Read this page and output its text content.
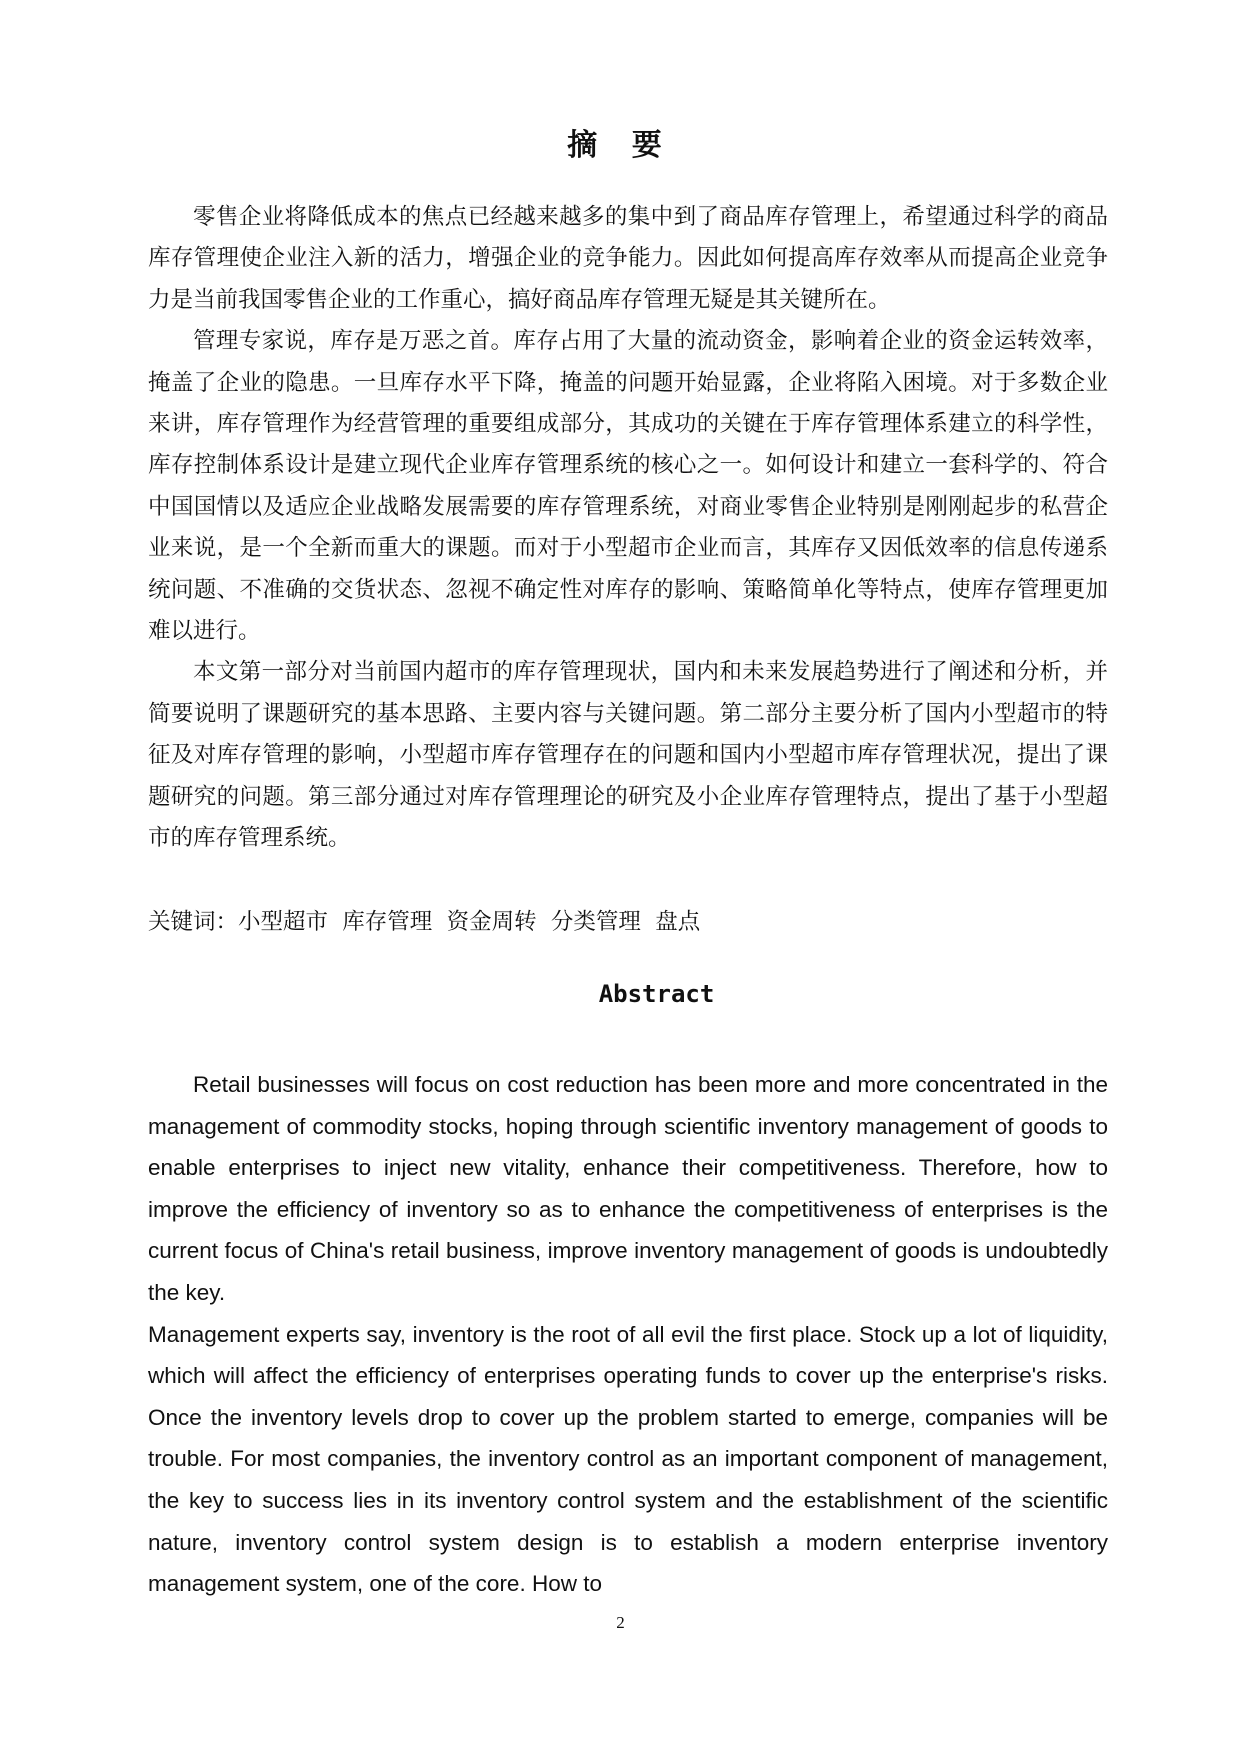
摘 要

零售企业将降低成本的焦点已经越来越多的集中到了商品库存管理上，希望通过科学的商品库存管理使企业注入新的活力，增强企业的竞争能力。因此如何提高库存效率从而提高企业竞争力是当前我国零售企业的工作重心，搞好商品库存管理无疑是其关键所在。

管理专家说，库存是万恶之首。库存占用了大量的流动资金，影响着企业的资金运转效率，掩盖了企业的隐患。一旦库存水平下降，掩盖的问题开始显露，企业将陷入困境。对于多数企业来讲，库存管理作为经营管理的重要组成部分，其成功的关键在于库存管理体系建立的科学性，库存控制体系设计是建立现代企业库存管理系统的核心之一。如何设计和建立一套科学的、符合中国国情以及适应企业战略发展需要的库存管理系统，对商业零售企业特别是刚刚起步的私营企业来说，是一个全新而重大的课题。而对于小型超市企业而言，其库存又因低效率的信息传递系统问题、不准确的交货状态、忽视不确定性对库存的影响、策略简单化等特点，使库存管理更加难以进行。

本文第一部分对当前国内超市的库存管理现状，国内和未来发展趋势进行了阐述和分析，并简要说明了课题研究的基本思路、主要内容与关键问题。第二部分主要分析了国内小型超市的特征及对库存管理的影响，小型超市库存管理存在的问题和国内小型超市库存管理状况，提出了课题研究的问题。第三部分通过对库存管理理论的研究及小企业库存管理特点，提出了基于小型超市的库存管理系统。

关键词：小型超市  库存管理  资金周转  分类管理  盘点

Abstract

Retail businesses will focus on cost reduction has been more and more concentrated in the management of commodity stocks, hoping through scientific inventory management of goods to enable enterprises to inject new vitality, enhance their competitiveness. Therefore, how to improve the efficiency of inventory so as to enhance the competitiveness of enterprises is the current focus of China's retail business, improve inventory management of goods is undoubtedly the key.

Management experts say, inventory is the root of all evil the first place. Stock up a lot of liquidity, which will affect the efficiency of enterprises operating funds to cover up the enterprise's risks. Once the inventory levels drop to cover up the problem started to emerge, companies will be trouble. For most companies, the inventory control as an important component of management, the key to success lies in its inventory control system and the establishment of the scientific nature, inventory control system design is to establish a modern enterprise inventory management system, one of the core. How to

2
